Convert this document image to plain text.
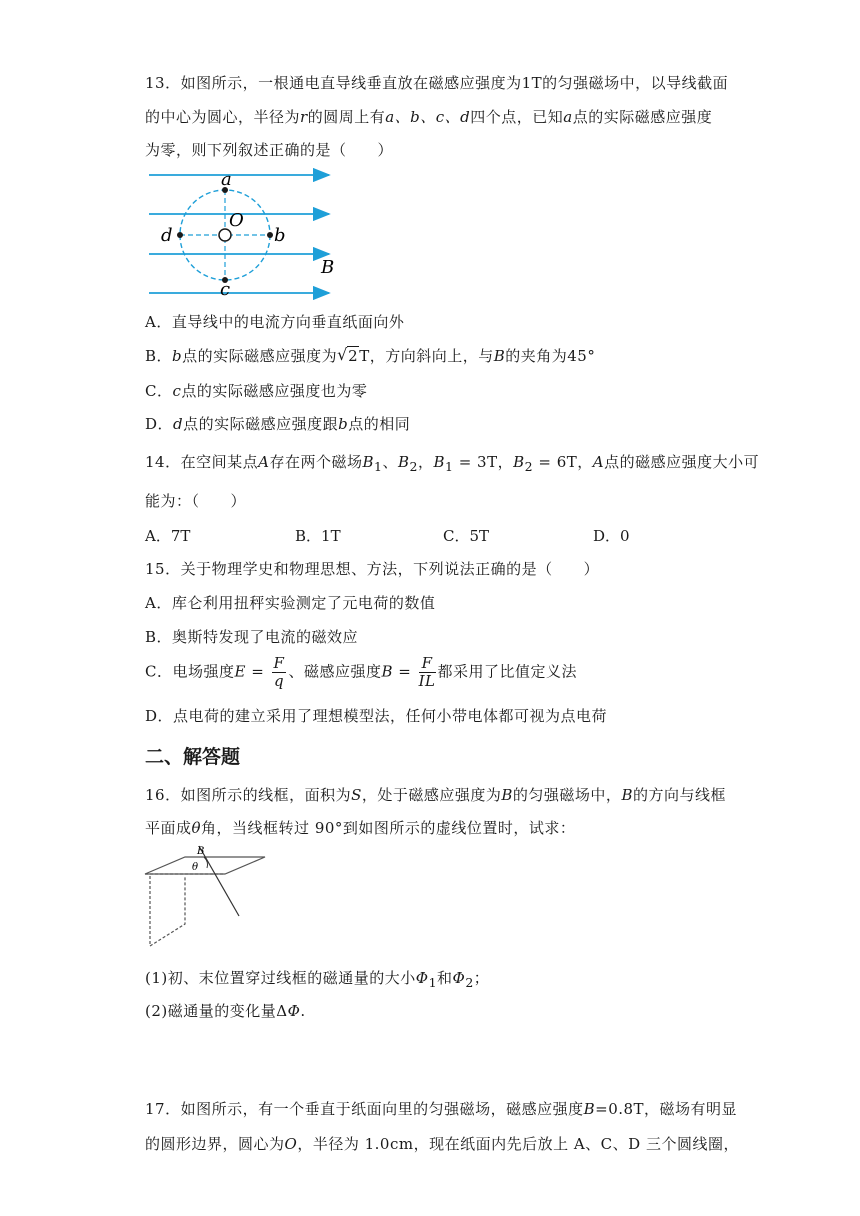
13．如图所示，一根通电直导线垂直放在磁感应强度为1T的匀强磁场中，以导线截面
的中心为圆心，半径为r的圆周上有a、b、c、d四个点，已知a点的实际磁感应强度
为零，则下列叙述正确的是（　　）
a
O
b
d
c
B
A．直导线中的电流方向垂直纸面向外
B．b点的实际磁感应强度为 √ 2T，方向斜向上，与B的夹角为45°
C．c点的实际磁感应强度也为零
D．d点的实际磁感应强度跟b点的相同
14．在空间某点A存在两个磁场$B_1$、$B_2$，$B_1 = 3T$，$B_2 = 6T$，A点的磁感应强度大小可
能为：（　　）
A．7T	B．1T	C．5T	D．0
15．关于物理学史和物理思想、方法，下列说法正确的是（　　）
A．库仑利用扭秤实验测定了元电荷的数值
B．奥斯特发现了电流的磁效应
C．电场强度$E = \frac{F}{q}$ 、磁感应强度$B = \frac{F}{IL}$ 都采用了比值定义法
D．点电荷的建立采用了理想模型法，任何小带电体都可视为点电荷
二、解答题
16．如图所示的线框，面积为S，处于磁感应强度为B的匀强磁场中，B的方向与线框
平面成θ角，当线框转过 90°到如图所示的虚线位置时，试求：
B
θ
(1)初、末位置穿过线框的磁通量的大小$\Phi_1$和$\Phi_2$；
(2)磁通量的变化量ΔΦ.
17．如图所示，有一个垂直于纸面向里的匀强磁场，磁感应强度B=0.8T，磁场有明显
的圆形边界，圆心为O，半径为 1.0cm，现在纸面内先后放上 A、C、D 三个圆线圈，
